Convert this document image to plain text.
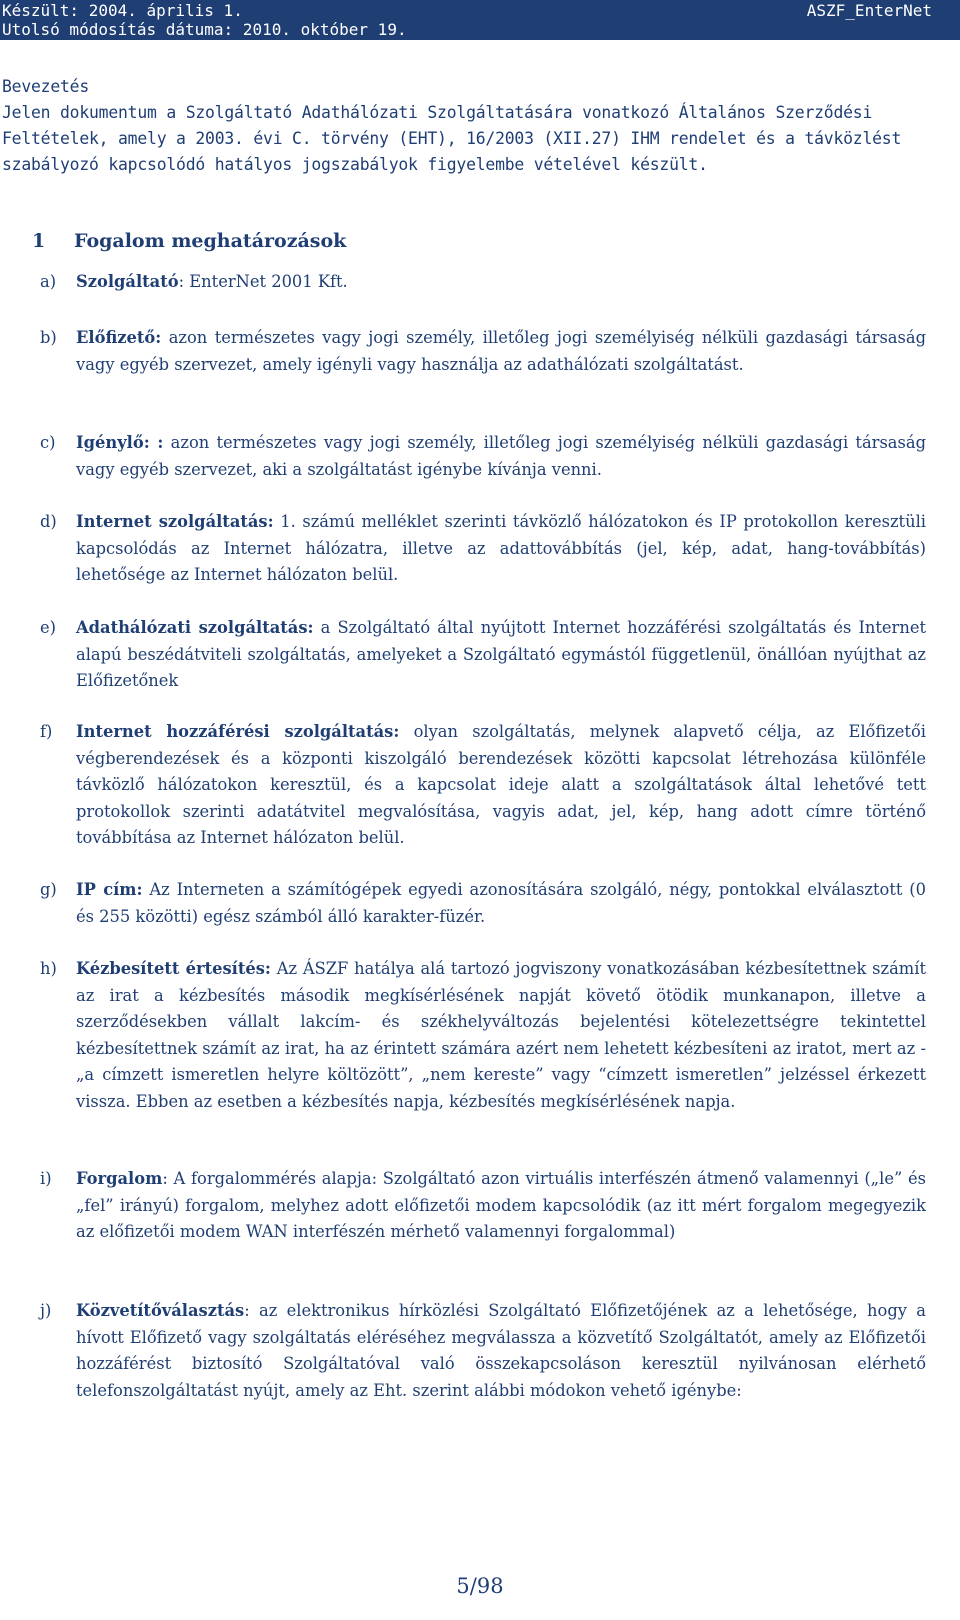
Készült: 2004. április 1.
Utolsó módosítás dátuma: 2010. október 19.
ASZF_EnterNet
Bevezetés
Jelen dokumentum a Szolgáltató Adathálózati Szolgáltatására vonatkozó Általános Szerződési
Feltételek, amely a 2003. évi C. törvény (EHT), 16/2003 (XII.27) IHM rendelet és a távközlést
szabályozó kapcsolódó hatályos jogszabályok figyelembe vételével készült.
1 Fogalom meghatározások
a) Szolgáltató: EnterNet 2001 Kft.
b) Előfizető: azon természetes vagy jogi személy, illetőleg jogi személyiség nélküli gazdasági társaság vagy egyéb szervezet, amely igényli vagy használja az adathálózati szolgáltatást.
c) Igénylő: : azon természetes vagy jogi személy, illetőleg jogi személyiség nélküli gazdasági társaság vagy egyéb szervezet, aki a szolgáltatást igénybe kívánja venni.
d) Internet szolgáltatás: 1. számú melléklet szerinti távközlő hálózatokon és IP protokollon keresztüli kapcsolódás az Internet hálózatra, illetve az adattovábbítás (jel, kép, adat, hang-továbbítás) lehetősége az Internet hálózaton belül.
e) Adathálózati szolgáltatás: a Szolgáltató által nyújtott Internet hozzáférési szolgáltatás és Internet alapú beszédátviteli szolgáltatás, amelyeket a Szolgáltató egymástól függetlenül, önállóan nyújthat az Előfizetőnek
f) Internet hozzáférési szolgáltatás: olyan szolgáltatás, melynek alapvető célja, az Előfizetői végberendezések és a központi kiszolgáló berendezések közötti kapcsolat létrehozása különféle távközlő hálózatokon keresztül, és a kapcsolat ideje alatt a szolgáltatások által lehetővé tett protokollok szerinti adatátvitel megvalósítása, vagyis adat, jel, kép, hang adott címre történő továbbítása az Internet hálózaton belül.
g) IP cím: Az Interneten a számítógépek egyedi azonosítására szolgáló, négy, pontokkal elválasztott (0 és 255 közötti) egész számból álló karakter-füzér.
h) Kézbesített értesítés: Az ÁSZF hatálya alá tartozó jogviszony vonatkozásában kézbesítettnek számít az irat a kézbesítés második megkísérlésének napját követő ötödik munkanapon, illetve a szerződésekben vállalt lakcím- és székhelyváltozás bejelentési kötelezettségre tekintettel kézbesítettnek számít az irat, ha az érintett számára azért nem lehetett kézbesíteni az iratot, mert az - „a címzett ismeretlen helyre költözött”, „nem kereste” vagy “címzett ismeretlen” jelzéssel érkezett vissza. Ebben az esetben a kézbesítés napja, kézbesítés megkísérlésének napja.
i) Forgalom: A forgalommérés alapja: Szolgáltató azon virtuális interfészén átmenő valamennyi („le” és „fel” irányú) forgalom, melyhez adott előfizetői modem kapcsolódik (az itt mért forgalom megegyezik az előfizetői modem WAN interfészén mérhető valamennyi forgalommal)
j) Közvetítőválasztás: az elektronikus hírközlési Szolgáltató Előfizetőjének az a lehetősége, hogy a hívott Előfizető vagy szolgáltatás eléréséhez megválassza a közvetítő Szolgáltatót, amely az Előfizetői hozzáférést biztosító Szolgáltatóval való összekapcsoláson keresztül nyilvánosan elérhető telefonszolgáltatást nyújt, amely az Eht. szerint alábbi módokon vehető igénybe:
5/98
